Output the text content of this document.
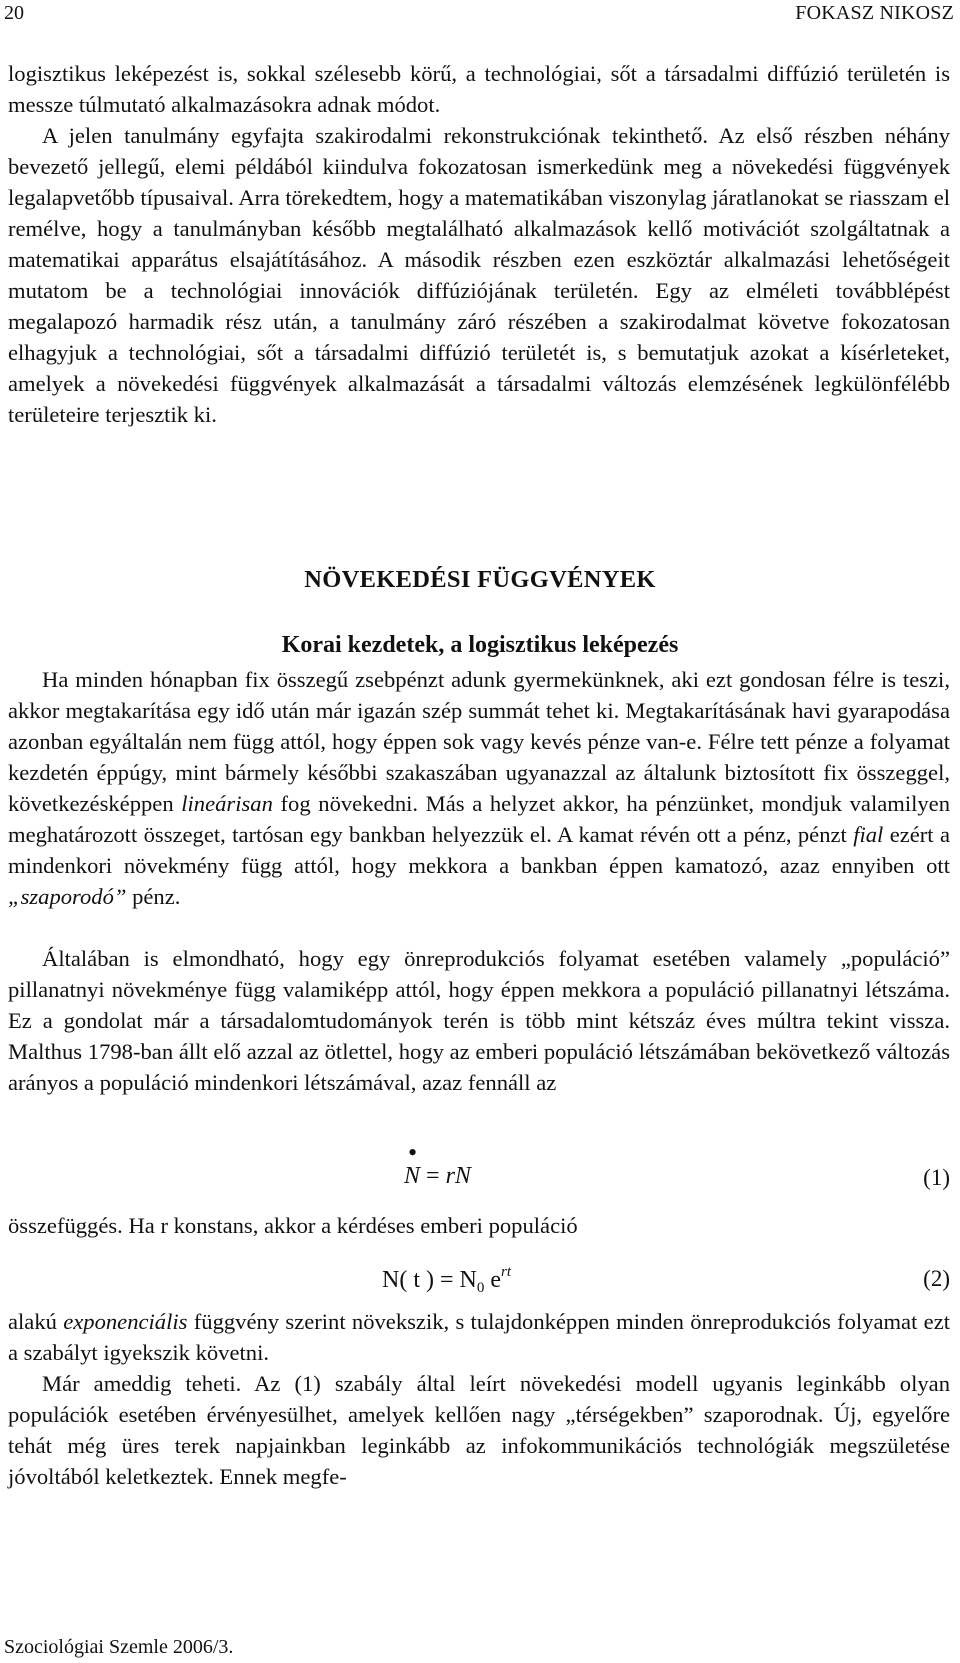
20	FOKASZ NIKOSZ

logisztikus leképezést is, sokkal szélesebb körű, a technológiai, sőt a társadalmi diffúzió területén is messze túlmutató alkalmazásokra adnak módot.

A jelen tanulmány egyfajta szakirodalmi rekonstrukciónak tekinthető. Az első részben néhány bevezető jellegű, elemi példából kiindulva fokozatosan ismerkedünk meg a növekedési függvények legalapvetőbb típusaival. Arra törekedtem, hogy a matematikában viszonylag járatlanokat se riasszam el remélve, hogy a tanulmányban később megtalálható alkalmazások kellő motivációt szolgáltatnak a matematikai apparátus elsajátításához. A második részben ezen eszköztár alkalmazási lehetőségeit mutatom be a technológiai innovációk diffúziójának területén. Egy az elméleti továbblépést megalapozó harmadik rész után, a tanulmány záró részében a szakirodalmat követve fokozatosan elhagyjuk a technológiai, sőt a társadalmi diffúzió területét is, s bemutatjuk azokat a kísérleteket, amelyek a növekedési függvények alkalmazását a társadalmi változás elemzésének legkülönfélébb területeire terjesztik ki.

NÖVEKEDÉSI FÜGGVÉNYEK
Korai kezdetek, a logisztikus leképezés

Ha minden hónapban fix összegű zsebpénzt adunk gyermekünknek, aki ezt gondosan félre is teszi, akkor megtakarítása egy idő után már igazán szép summát tehet ki. Megtakarításának havi gyarapodása azonban egyáltalán nem függ attól, hogy éppen sok vagy kevés pénze van-e. Félre tett pénze a folyamat kezdetén éppúgy, mint bármely későbbi szakaszában ugyanazzal az általunk biztosított fix összeggel, következésképpen lineárisan fog növekedni. Más a helyzet akkor, ha pénzünket, mondjuk valamilyen meghatározott összeget, tartósan egy bankban helyezzük el. A kamat révén ott a pénz, pénzt fial ezért a mindenkori növekmény függ attól, hogy mekkora a bankban éppen kamatozó, azaz ennyiben ott „szaporodó” pénz.

Általában is elmondható, hogy egy önreprodukciós folyamat esetében valamely „populáció” pillanatnyi növekménye függ valamiképp attól, hogy éppen mekkora a populáció pillanatnyi létszáma. Ez a gondolat már a társadalomtudományok terén is több mint kétszáz éves múltra tekint vissza. Malthus 1798-ban állt elő azzal az ötlettel, hogy az emberi populáció létszámában bekövetkező változás arányos a populáció mindenkori létszámával, azaz fennáll az

•
N = rN	(1)

összefüggés. Ha r konstans, akkor a kérdéses emberi populáció

N( t ) = $N_0$ $e^{rt}$	(2)

alakú exponenciális függvény szerint növekszik, s tulajdonképpen minden önreprodukciós folyamat ezt a szabályt igyekszik követni.

Már ameddig teheti. Az (1) szabály által leírt növekedési modell ugyanis leginkább olyan populációk esetében érvényesülhet, amelyek kellően nagy „térségekben” szaporodnak. Új, egyelőre tehát még üres terek napjainkban leginkább az infokommunikációs technológiák megszületése jóvoltából keletkeztek. Ennek megfe-

Szociológiai Szemle 2006/3.
